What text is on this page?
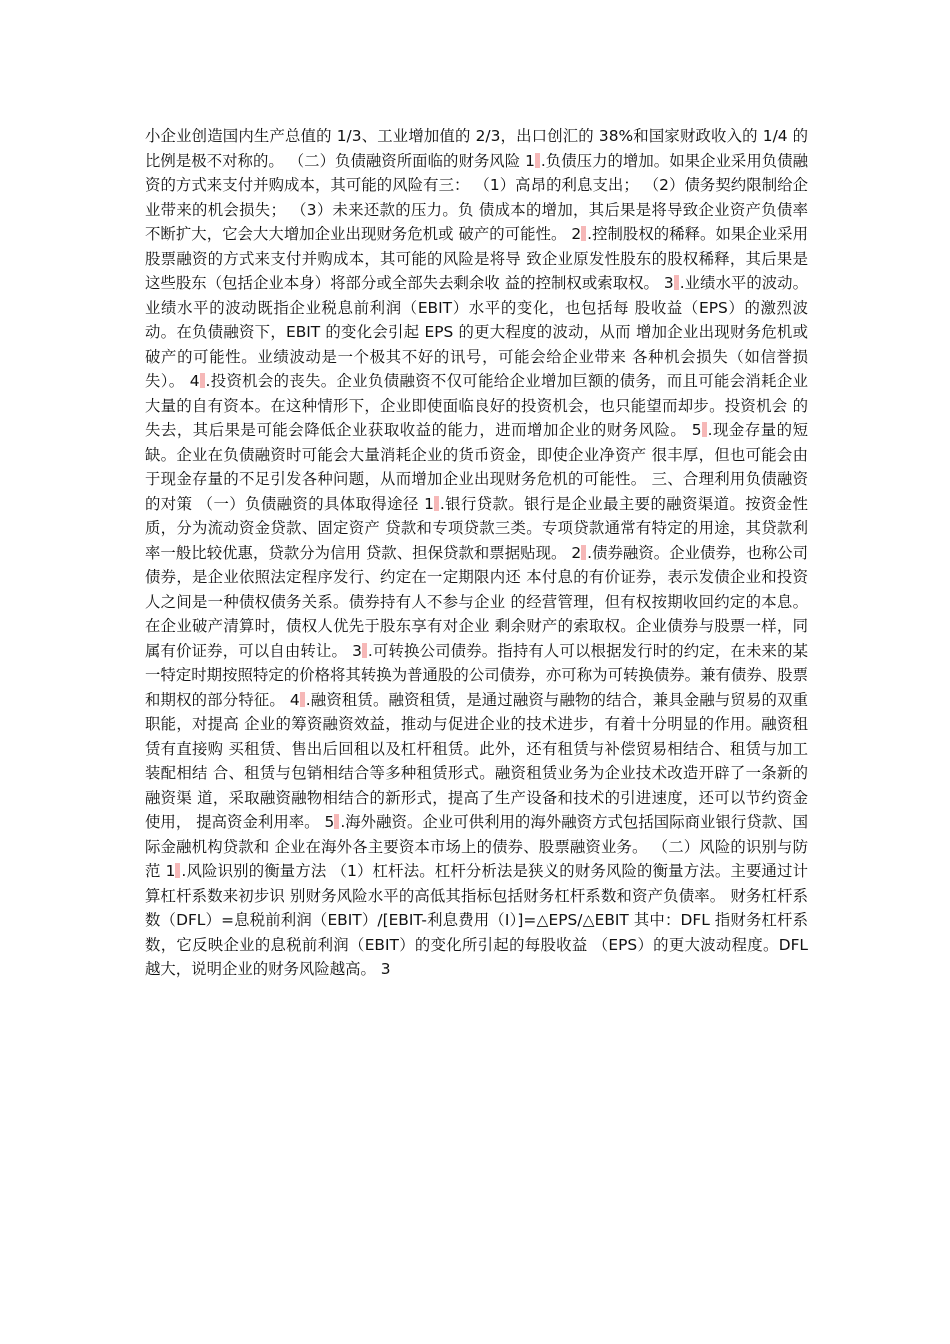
小企业创造国内生产总值的 1/3、工业增加值的 2/3，出口创汇的 38%和国家财政收入的 1/4 的 比例是极不对称的。 （二）负债融资所面临的财务风险 1 .负债压力的增加。如果企业采用负债融资的方式来支付并购成本，其可能的风险有三： （1）高昂的利息支出； （2）债务契约限制给企业带来的机会损失； （3）未来还款的压力。负 债成本的增加，其后果是将导致企业资产负债率不断扩大，它会大大增加企业出现财务危机或 破产的可能性。 2 .控制股权的稀释。如果企业采用股票融资的方式来支付并购成本，其可能的风险是将导 致企业原发性股东的股权稀释，其后果是这些股东（包括企业本身）将部分或全部失去剩余收 益的控制权或索取权。 3 .业绩水平的波动。业绩水平的波动既指企业税息前利润（EBIT）水平的变化，也包括每 股收益（EPS）的激烈波动。在负债融资下，EBIT 的变化会引起 EPS 的更大程度的波动，从而 增加企业出现财务危机或破产的可能性。业绩波动是一个极其不好的讯号，可能会给企业带来 各种机会损失（如信誉损失）。 4 .投资机会的丧失。企业负债融资不仅可能给企业增加巨额的债务，而且可能会消耗企业 大量的自有资本。在这种情形下，企业即使面临良好的投资机会，也只能望而却步。投资机会 的失去，其后果是可能会降低企业获取收益的能力，进而增加企业的财务风险。 5 .现金存量的短缺。企业在负债融资时可能会大量消耗企业的货币资金，即使企业净资产 很丰厚，但也可能会由于现金存量的不足引发各种问题，从而增加企业出现财务危机的可能性。 三、合理利用负债融资的对策 （一）负债融资的具体取得途径 1 .银行贷款。银行是企业最主要的融资渠道。按资金性质，分为流动资金贷款、固定资产 贷款和专项贷款三类。专项贷款通常有特定的用途，其贷款利率一般比较优惠，贷款分为信用 贷款、担保贷款和票据贴现。 2 .债券融资。企业债券，也称公司债券，是企业依照法定程序发行、约定在一定期限内还 本付息的有价证券，表示发债企业和投资人之间是一种债权债务关系。债券持有人不参与企业 的经营管理，但有权按期收回约定的本息。在企业破产清算时，债权人优先于股东享有对企业 剩余财产的索取权。企业债券与股票一样，同属有价证券，可以自由转让。 3 .可转换公司债券。指持有人可以根据发行时的约定，在未来的某一特定时期按照特定的价格将其转换为普通股的公司债券，亦可称为可转换债券。兼有债券、股票和期权的部分特征。 4 .融资租赁。融资租赁，是通过融资与融物的结合，兼具金融与贸易的双重职能，对提高 企业的筹资融资效益，推动与促进企业的技术进步，有着十分明显的作用。融资租赁有直接购 买租赁、售出后回租以及杠杆租赁。此外，还有租赁与补偿贸易相结合、租赁与加工装配相结 合、租赁与包销相结合等多种租赁形式。融资租赁业务为企业技术改造开辟了一条新的融资渠 道，采取融资融物相结合的新形式，提高了生产设备和技术的引进速度，还可以节约资金使用， 提高资金利用率。 5 .海外融资。企业可供利用的海外融资方式包括国际商业银行贷款、国际金融机构贷款和 企业在海外各主要资本市场上的债券、股票融资业务。 （二）风险的识别与防范 1 .风险识别的衡量方法 （1）杠杆法。杠杆分析法是狭义的财务风险的衡量方法。主要通过计算杠杆系数来初步识 别财务风险水平的高低其指标包括财务杠杆系数和资产负债率。 财务杠杆系数（DFL）=息税前利润（EBIT）/[EBIT-利息费用（I）]=△EPS/△EBIT 其中：DFL 指财务杠杆系数，它反映企业的息税前利润（EBIT）的变化所引起的每股收益 （EPS）的更大波动程度。DFL 越大，说明企业的财务风险越高。 3
